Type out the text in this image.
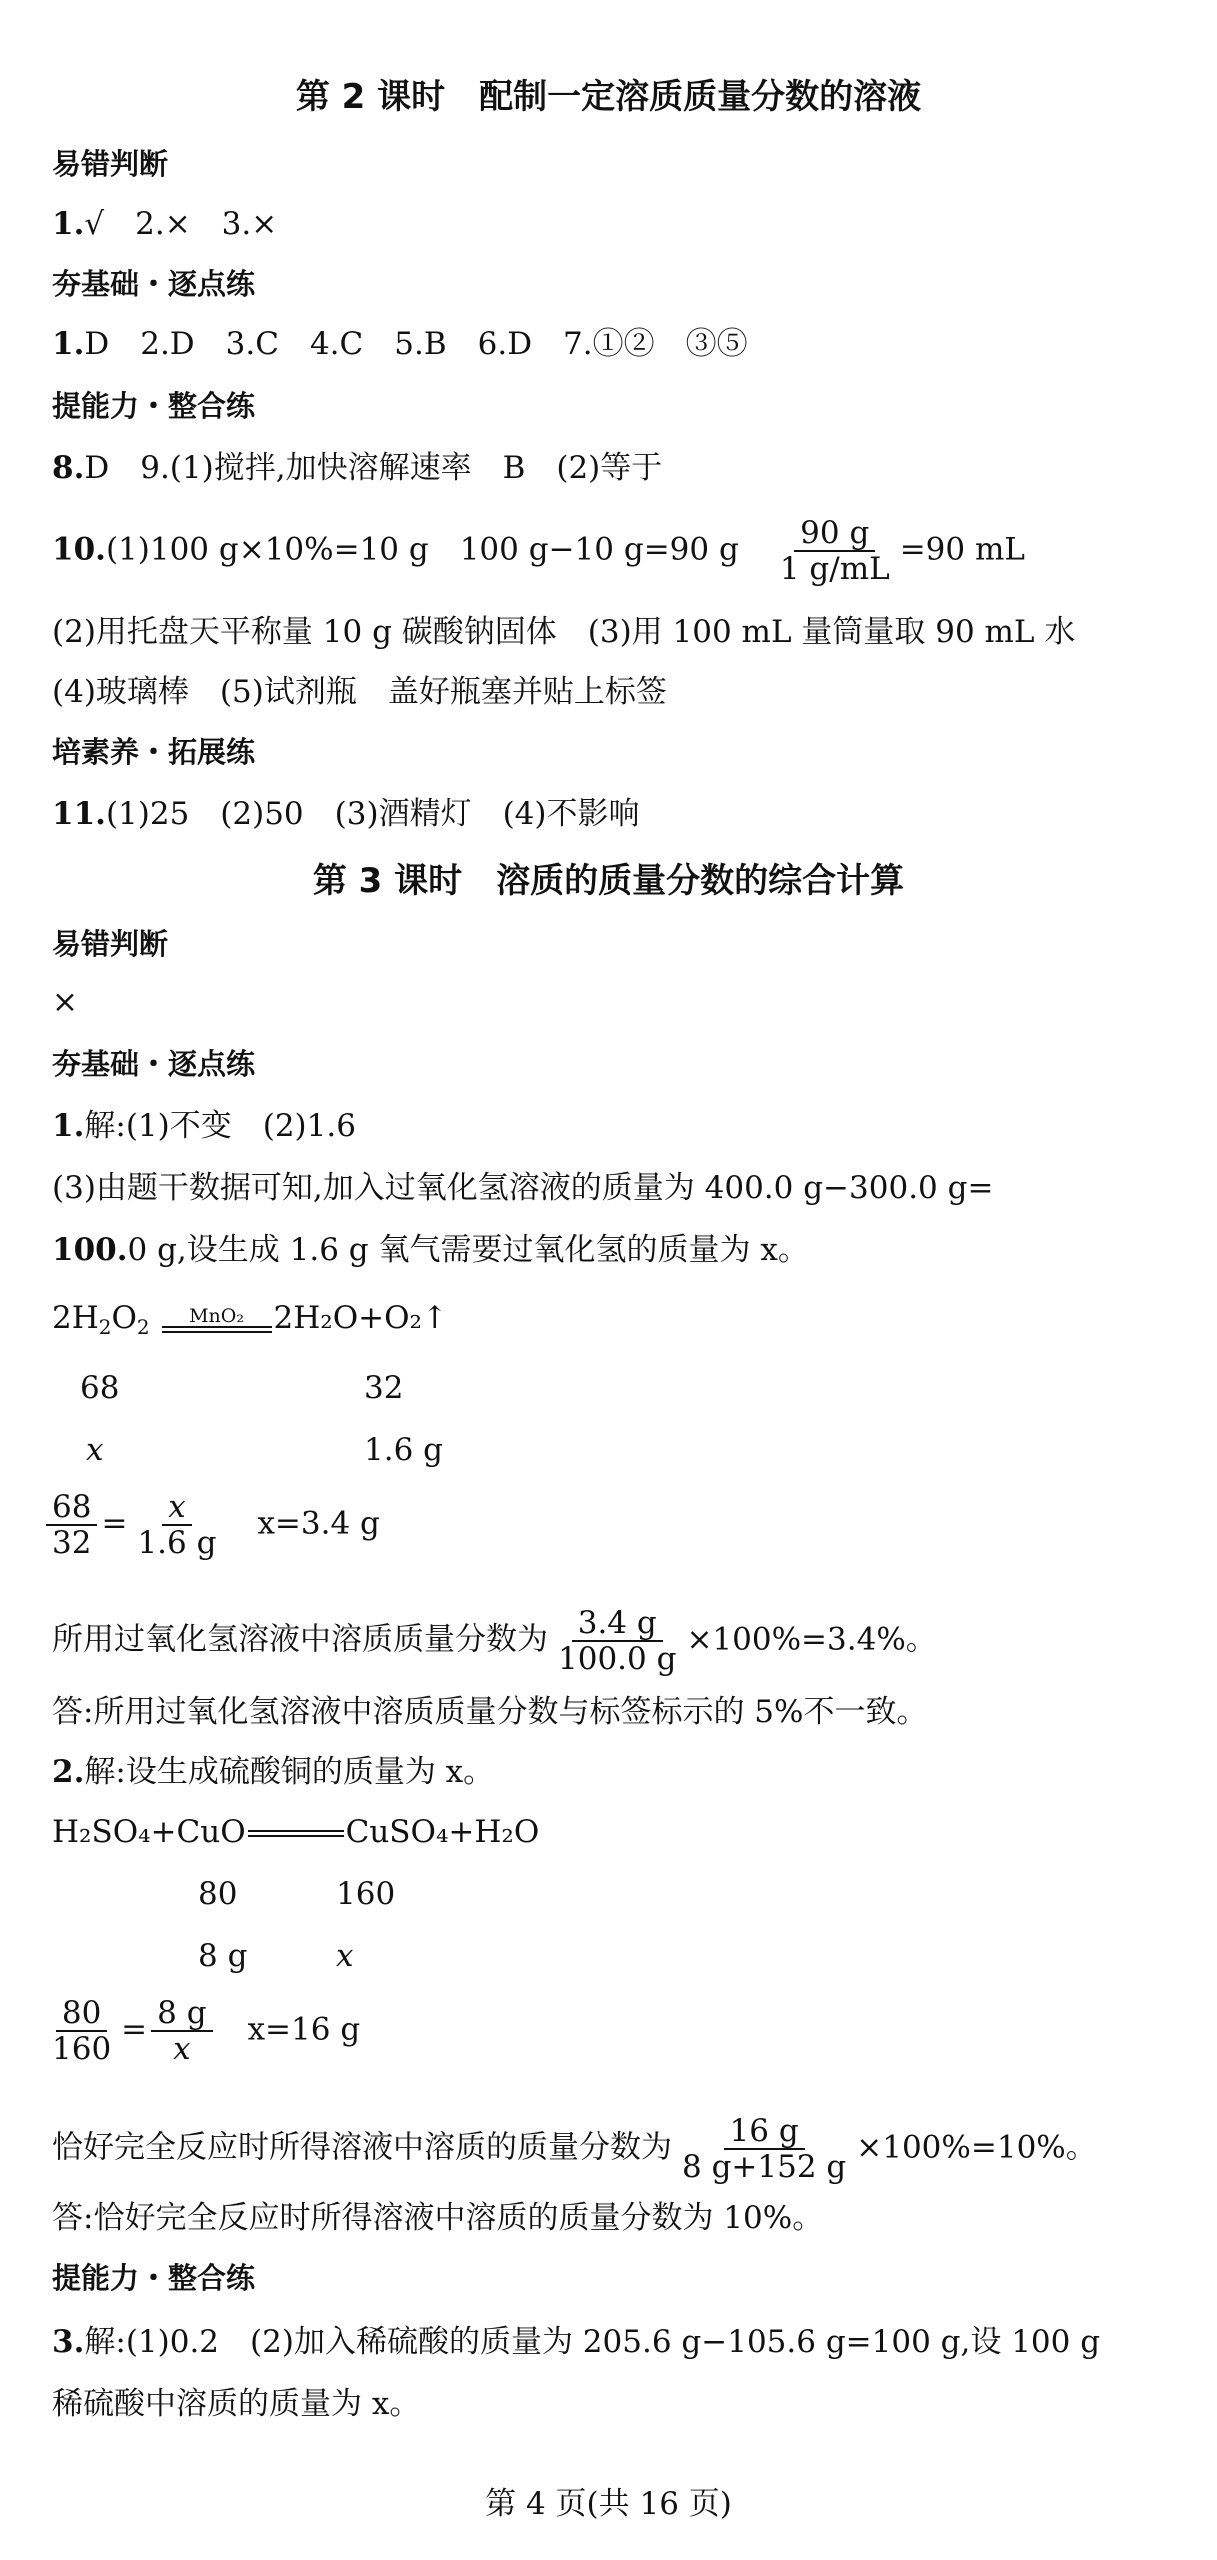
第 2 课时　配制一定溶质质量分数的溶液
易错判断
1.√　2.×　3.×
夯基础・逐点练
1.D　2.D　3.C　4.C　5.B　6.D　7.①②　③⑤
提能力・整合练
8.D　9.(1)搅拌,加快溶解速率　B　(2)等于
10.(1)100 g×10%=10 g　100 g−10 g=90 g　 $\frac{90 g}{1 g/mL} =90$ mL
(2)用托盘天平称量 10 g 碳酸钠固体　(3)用 100 mL 量筒量取 90 mL 水
(4)玻璃棒　(5)试剂瓶　盖好瓶塞并贴上标签
培素养・拓展练
11.(1)25　(2)50　(3)酒精灯　(4)不影响
第 3 课时　溶质的质量分数的综合计算
易错判断
×
夯基础・逐点练
1.解:(1)不变　(2)1.6
(3)由题干数据可知,加入过氧化氢溶液的质量为 400.0 g−300.0 g=
100.0 g,设生成 1.6 g 氧气需要过氧化氢的质量为 x。
$2H_2O_2$ MnO₂ 2H₂O+O₂↑
68	32
x	1.6 g
$\frac{68}{32} = \frac{x}{1.6 g}$
　 x=3.4 g
所用过氧化氢溶液中溶质质量分数为 $\frac{3.4 g}{100.0 g} \times 100\%=3.4\%$。
答:所用过氧化氢溶液中溶质质量分数与标签标示的 5%不一致。
2.解:设生成硫酸铜的质量为 x。
H₂SO₄+CuO	CuSO₄+H₂O
80	160
8 g	x
$\frac{80}{160} = \frac{8 g}{x}$
　 x=16 g
恰好完全反应时所得溶液中溶质的质量分数为 $\frac{16 g}{8 g+152 g} \times 100\%=10\%$。
答:恰好完全反应时所得溶液中溶质的质量分数为 10%。
提能力・整合练
3.解:(1)0.2　(2)加入稀硫酸的质量为 205.6 g−105.6 g=100 g,设 100 g
稀硫酸中溶质的质量为 x。
第 4 页(共 16 页)
